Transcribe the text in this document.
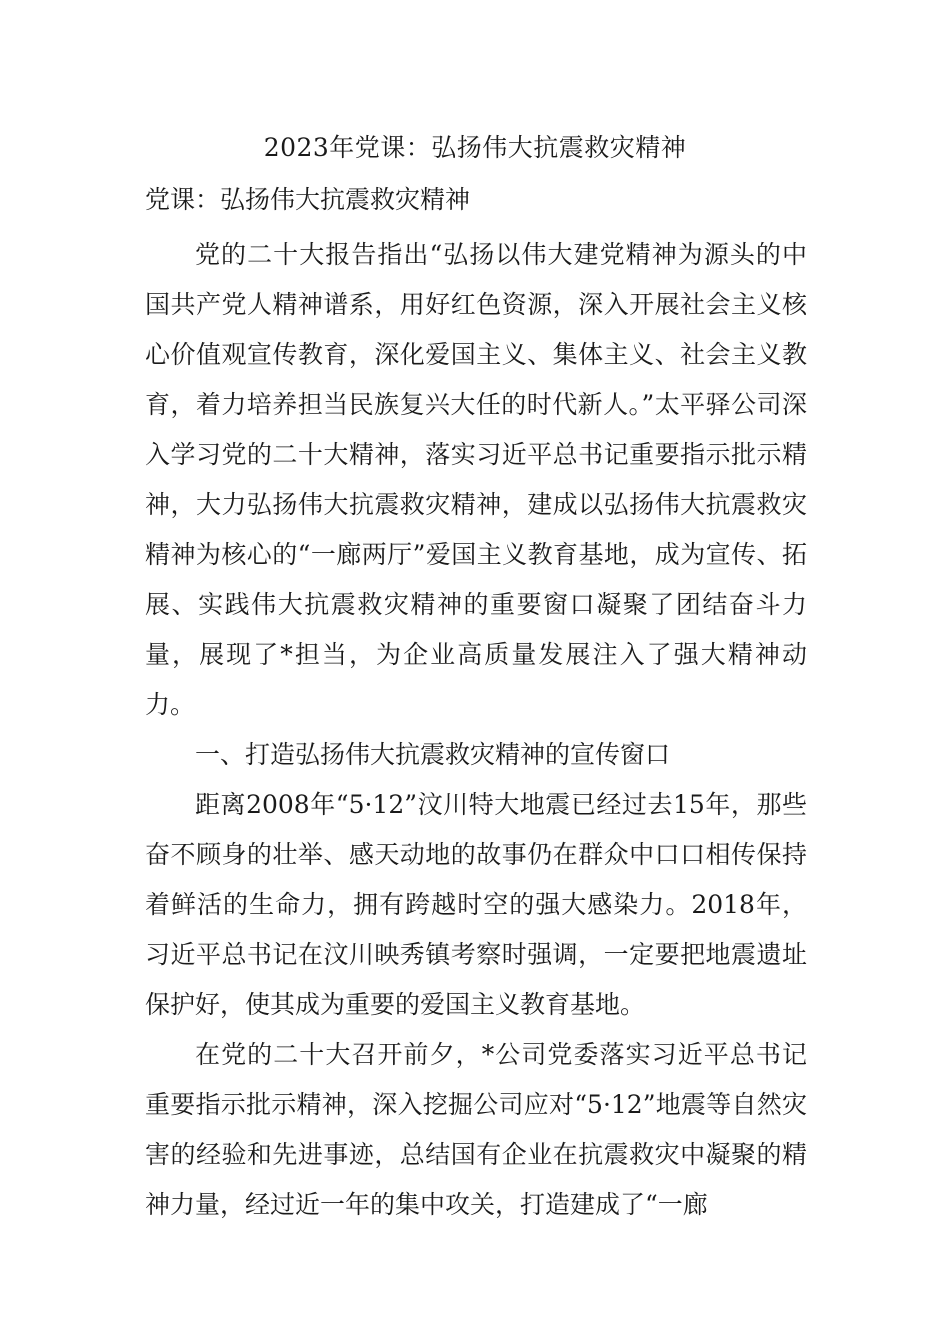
2023年党课：弘扬伟大抗震救灾精神
党课：弘扬伟大抗震救灾精神

党的二十大报告指出“弘扬以伟大建党精神为源头的中国共产党人精神谱系，用好红色资源，深入开展社会主义核心价值观宣传教育，深化爱国主义、集体主义、社会主义教育，着力培养担当民族复兴大任的时代新人。”太平驿公司深入学习党的二十大精神，落实习近平总书记重要指示批示精神，大力弘扬伟大抗震救灾精神，建成以弘扬伟大抗震救灾精神为核心的“一廊两厅”爱国主义教育基地，成为宣传、拓展、实践伟大抗震救灾精神的重要窗口凝聚了团结奋斗力量，展现了*担当，为企业高质量发展注入了强大精神动力。

一、打造弘扬伟大抗震救灾精神的宣传窗口

距离2008年“5·12”汶川特大地震已经过去15年，那些奋不顾身的壮举、感天动地的故事仍在群众中口口相传保持着鲜活的生命力，拥有跨越时空的强大感染力。2018年，习近平总书记在汶川映秀镇考察时强调，一定要把地震遗址保护好，使其成为重要的爱国主义教育基地。

在党的二十大召开前夕，*公司党委落实习近平总书记重要指示批示精神，深入挖掘公司应对“5·12”地震等自然灾害的经验和先进事迹，总结国有企业在抗震救灾中凝聚的精神力量，经过近一年的集中攻关，打造建成了“一廊
